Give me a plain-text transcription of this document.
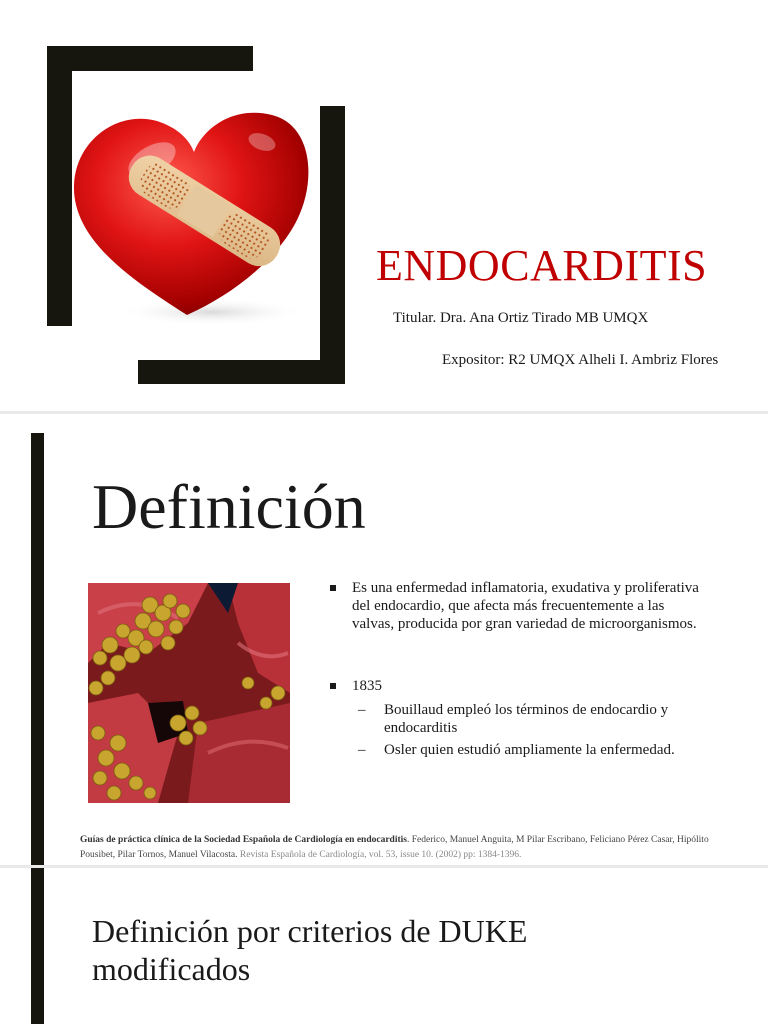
ENDOCARDITIS
Titular. Dra. Ana Ortiz Tirado MB UMQX
Expositor: R2 UMQX Alheli I. Ambriz Flores
Definición
Es una enfermedad inflamatoria, exudativa y proliferativa del endocardio, que afecta más frecuentemente a las valvas, producida por gran variedad de microorganismos.
1835
– Bouillaud empleó los términos de endocardio y endocarditis
– Osler quien estudió ampliamente la enfermedad.
Guías de práctica clínica de la Sociedad Española de Cardiología en endocarditis. Federico, Manuel Anguita, M Pilar Escribano, Feliciano Pérez Casar, Hipólito Pousibet, Pilar Tornos, Manuel Vilacosta. Revista Española de Cardiología, vol. 53, issue 10. (2002) pp: 1384-1396.
Definición por criterios de DUKE modificados
